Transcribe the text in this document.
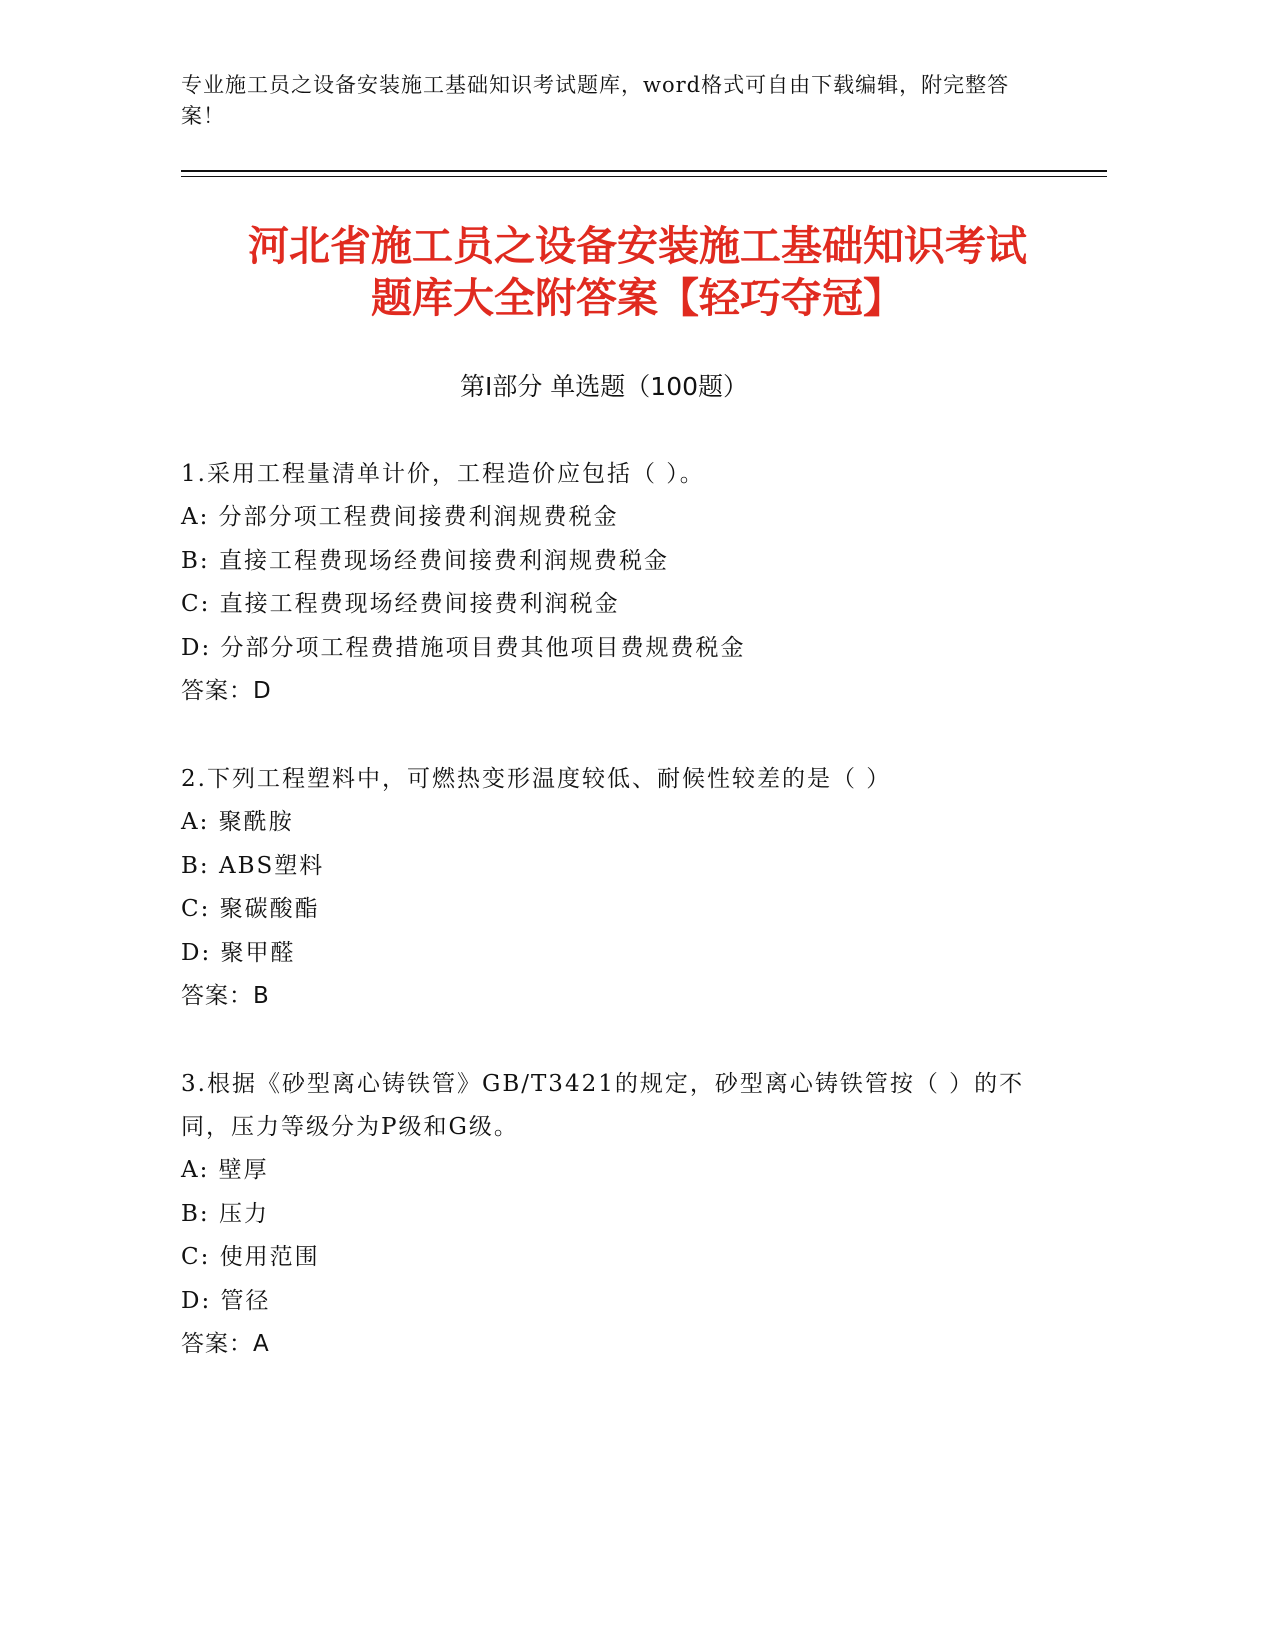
专业施工员之设备安装施工基础知识考试题库，word格式可自由下载编辑，附完整答案！
河北省施工员之设备安装施工基础知识考试
题库大全附答案【轻巧夺冠】
第Ⅰ部分 单选题（100题）
1.采用工程量清单计价，工程造价应包括（ ）。
A: 分部分项工程费间接费利润规费税金
B: 直接工程费现场经费间接费利润规费税金
C: 直接工程费现场经费间接费利润税金
D: 分部分项工程费措施项目费其他项目费规费税金
答案：D
2.下列工程塑料中，可燃热变形温度较低、耐候性较差的是（ ）
A: 聚酰胺
B: ABS塑料
C: 聚碳酸酯
D: 聚甲醛
答案：B
3.根据《砂型离心铸铁管》GB/T3421的规定，砂型离心铸铁管按（ ）的不同，压力等级分为P级和G级。
A: 壁厚
B: 压力
C: 使用范围
D: 管径
答案：A
